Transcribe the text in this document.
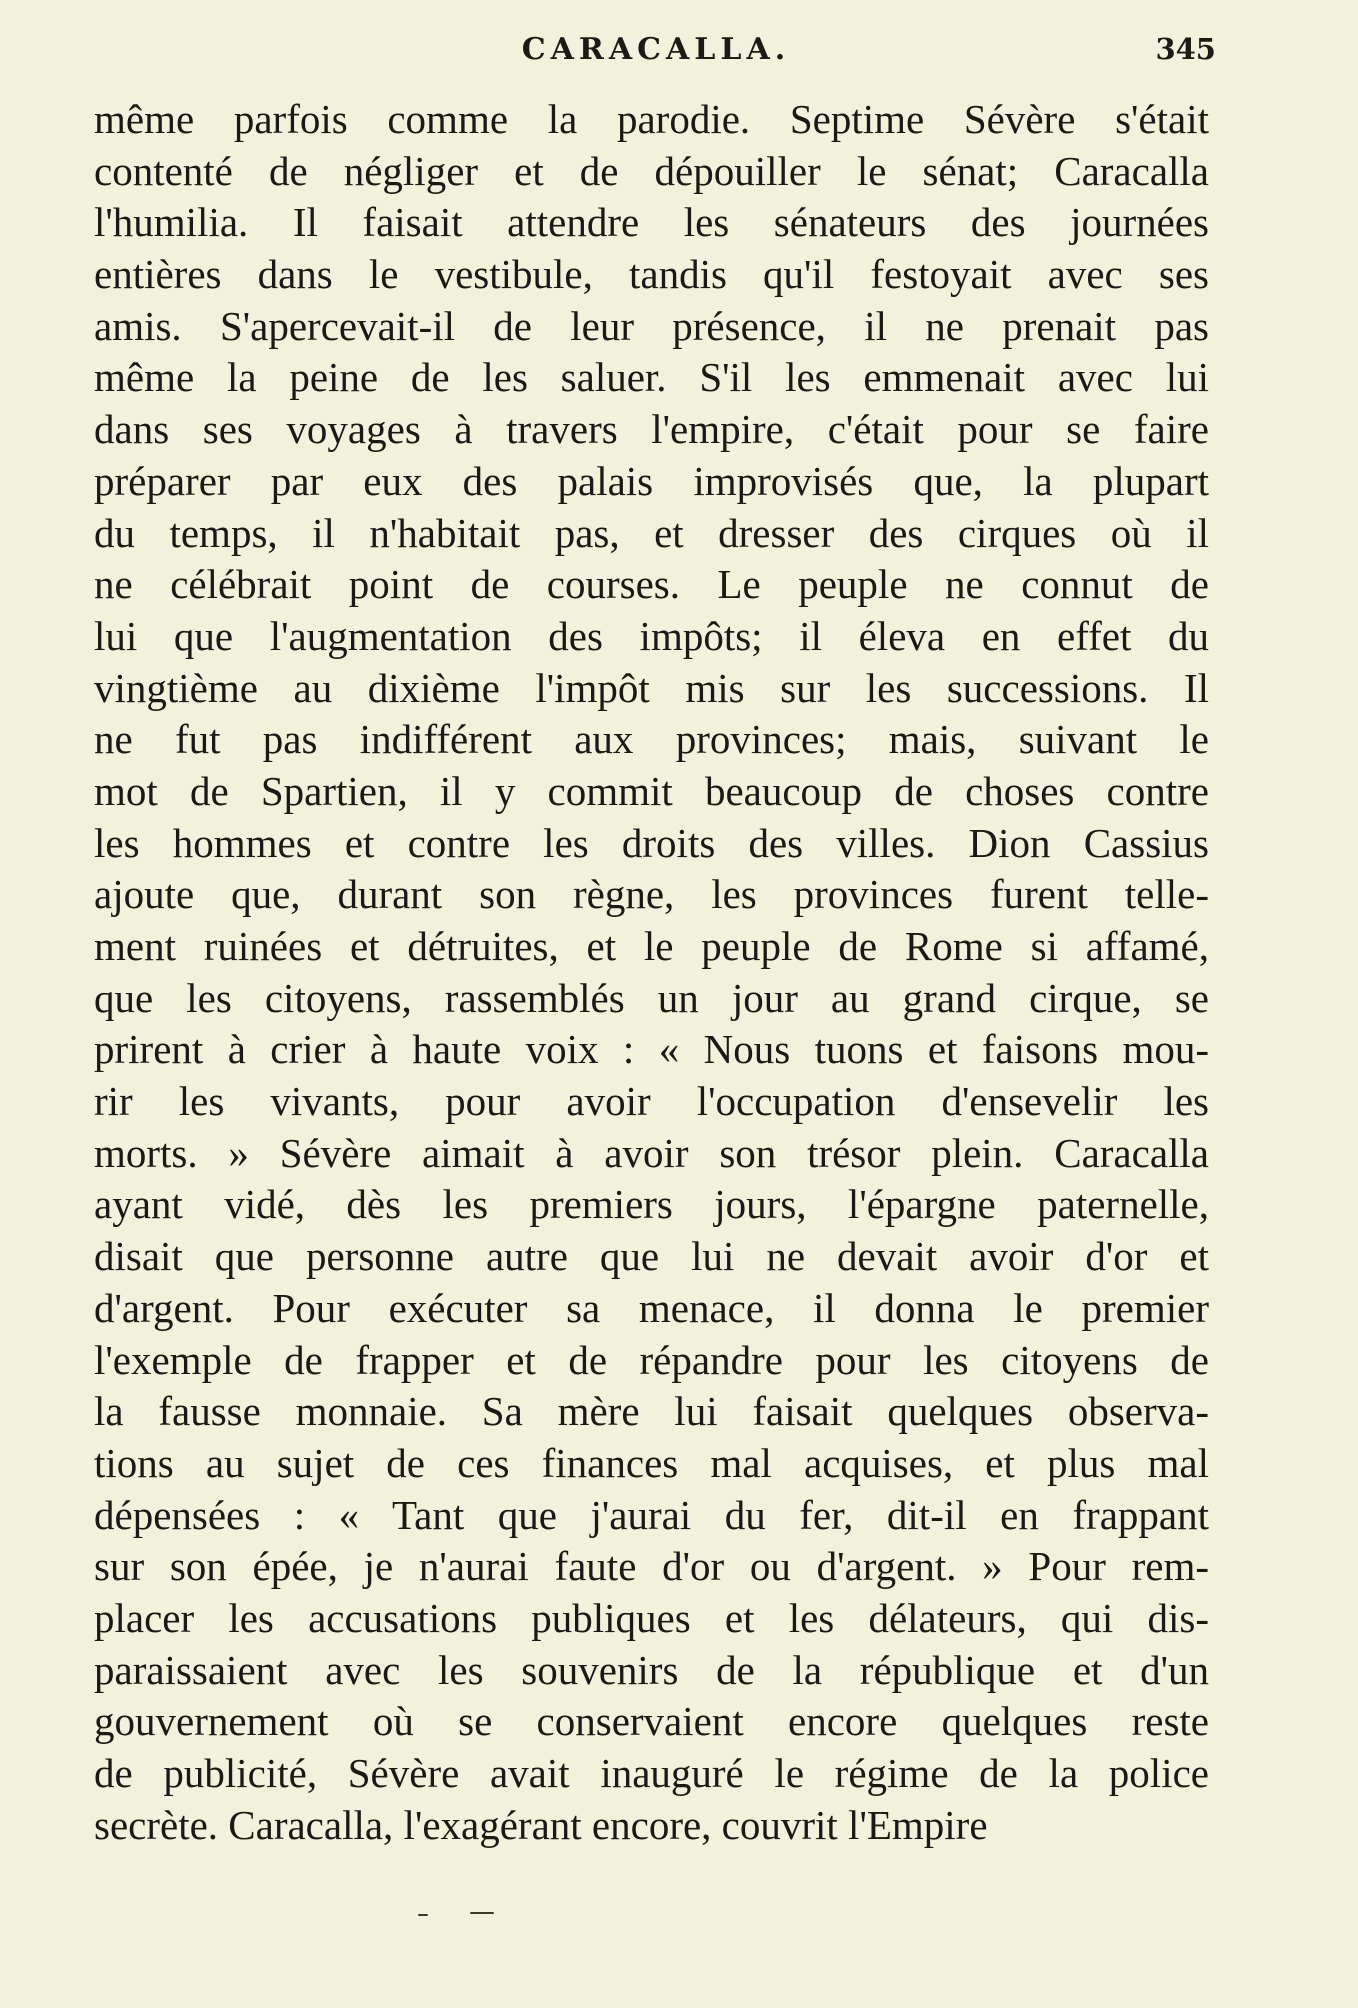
CARACALLA.	345
même parfois comme la parodie. Septime Sévère s'était
contenté de négliger et de dépouiller le sénat; Caracalla
l'humilia. Il faisait attendre les sénateurs des journées
entières dans le vestibule, tandis qu'il festoyait avec ses
amis. S'apercevait-il de leur présence, il ne prenait pas
même la peine de les saluer. S'il les emmenait avec lui
dans ses voyages à travers l'empire, c'était pour se faire
préparer par eux des palais improvisés que, la plupart
du temps, il n'habitait pas, et dresser des cirques où il
ne célébrait point de courses. Le peuple ne connut de
lui que l'augmentation des impôts; il éleva en effet du
vingtième au dixième l'impôt mis sur les successions. Il
ne fut pas indifférent aux provinces; mais, suivant le
mot de Spartien, il y commit beaucoup de choses contre
les hommes et contre les droits des villes. Dion Cassius
ajoute que, durant son règne, les provinces furent telle-
ment ruinées et détruites, et le peuple de Rome si affamé,
que les citoyens, rassemblés un jour au grand cirque, se
prirent à crier à haute voix : « Nous tuons et faisons mou-
rir les vivants, pour avoir l'occupation d'ensevelir les
morts. » Sévère aimait à avoir son trésor plein. Caracalla
ayant vidé, dès les premiers jours, l'épargne paternelle,
disait que personne autre que lui ne devait avoir d'or et
d'argent. Pour exécuter sa menace, il donna le premier
l'exemple de frapper et de répandre pour les citoyens de
la fausse monnaie. Sa mère lui faisait quelques observa-
tions au sujet de ces finances mal acquises, et plus mal
dépensées : « Tant que j'aurai du fer, dit-il en frappant
sur son épée, je n'aurai faute d'or ou d'argent. » Pour rem-
placer les accusations publiques et les délateurs, qui dis-
paraissaient avec les souvenirs de la république et d'un
gouvernement où se conservaient encore quelques reste
de publicité, Sévère avait inauguré le régime de la police
secrète. Caracalla, l'exagérant encore, couvrit l'Empire
